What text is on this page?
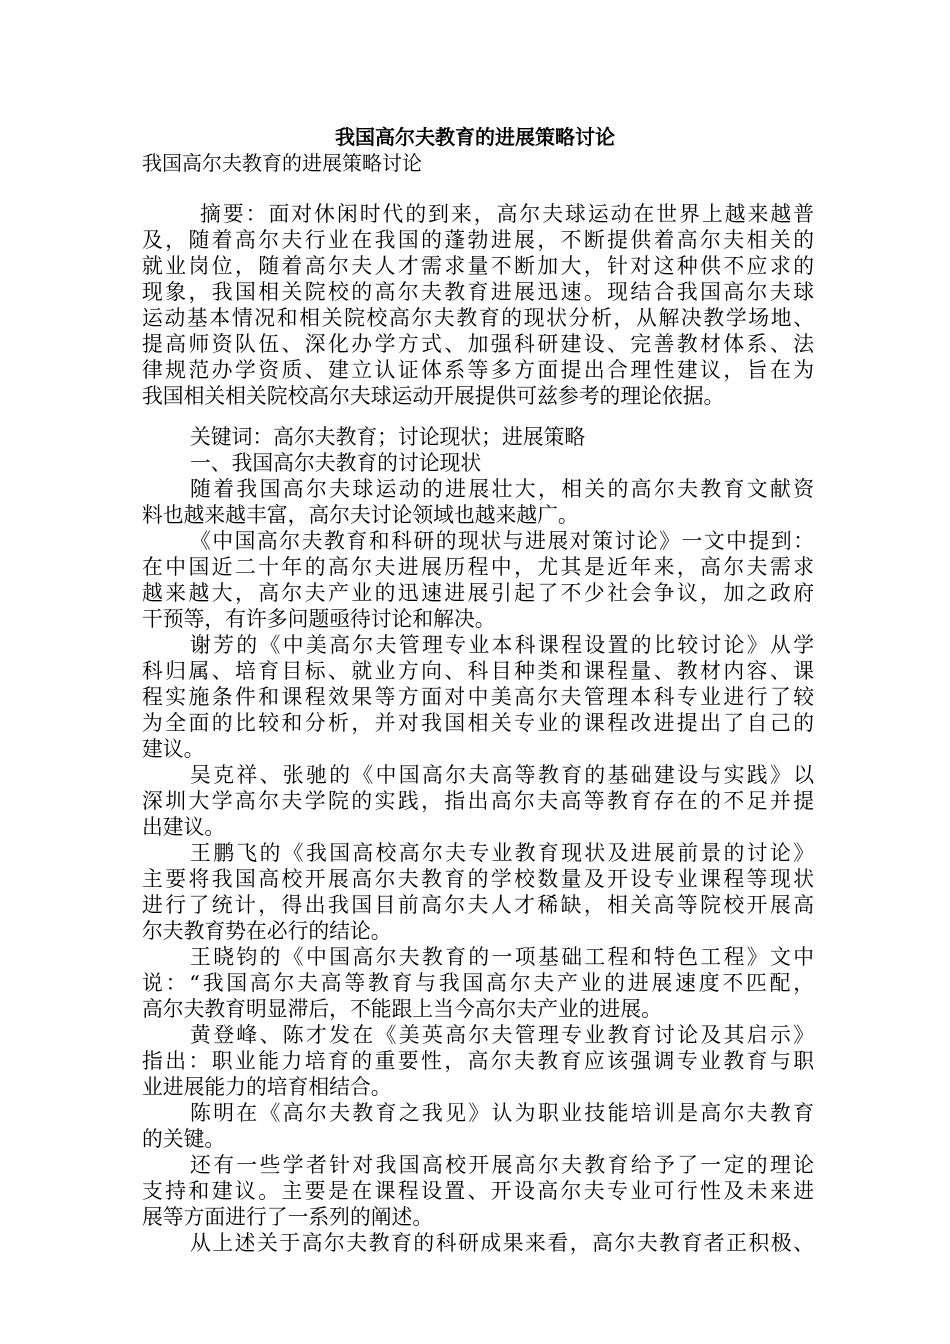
我国高尔夫教育的进展策略讨论
我国高尔夫教育的进展策略讨论
摘要：面对休闲时代的到来，高尔夫球运动在世界上越来越普
及，随着高尔夫行业在我国的蓬勃进展，不断提供着高尔夫相关的
就业岗位，随着高尔夫人才需求量不断加大，针对这种供不应求的
现象，我国相关院校的高尔夫教育进展迅速。现结合我国高尔夫球
运动基本情况和相关院校高尔夫教育的现状分析，从解决教学场地、
提高师资队伍、深化办学方式、加强科研建设、完善教材体系、法
律规范办学资质、建立认证体系等多方面提出合理性建议，旨在为
我国相关相关院校高尔夫球运动开展提供可兹参考的理论依据。
关键词：高尔夫教育；讨论现状；进展策略
一、我国高尔夫教育的讨论现状
随着我国高尔夫球运动的进展壮大，相关的高尔夫教育文献资
料也越来越丰富，高尔夫讨论领域也越来越广。
《中国高尔夫教育和科研的现状与进展对策讨论》一文中提到：
在中国近二十年的高尔夫进展历程中，尤其是近年来，高尔夫需求
越来越大，高尔夫产业的迅速进展引起了不少社会争议，加之政府
干预等，有许多问题亟待讨论和解决。
谢芳的《中美高尔夫管理专业本科课程设置的比较讨论》从学
科归属、培育目标、就业方向、科目种类和课程量、教材内容、课
程实施条件和课程效果等方面对中美高尔夫管理本科专业进行了较
为全面的比较和分析，并对我国相关专业的课程改进提出了自己的
建议。
吴克祥、张驰的《中国高尔夫高等教育的基础建设与实践》以
深圳大学高尔夫学院的实践，指出高尔夫高等教育存在的不足并提
出建议。
王鹏飞的《我国高校高尔夫专业教育现状及进展前景的讨论》
主要将我国高校开展高尔夫教育的学校数量及开设专业课程等现状
进行了统计，得出我国目前高尔夫人才稀缺，相关高等院校开展高
尔夫教育势在必行的结论。
王晓钧的《中国高尔夫教育的一项基础工程和特色工程》文中
说：“我国高尔夫高等教育与我国高尔夫产业的进展速度不匹配，
高尔夫教育明显滞后，不能跟上当今高尔夫产业的进展。
黄登峰、陈才发在《美英高尔夫管理专业教育讨论及其启示》
指出：职业能力培育的重要性，高尔夫教育应该强调专业教育与职
业进展能力的培育相结合。
陈明在《高尔夫教育之我见》认为职业技能培训是高尔夫教育
的关键。
还有一些学者针对我国高校开展高尔夫教育给予了一定的理论
支持和建议。主要是在课程设置、开设高尔夫专业可行性及未来进
展等方面进行了一系列的阐述。
从上述关于高尔夫教育的科研成果来看，高尔夫教育者正积极、
